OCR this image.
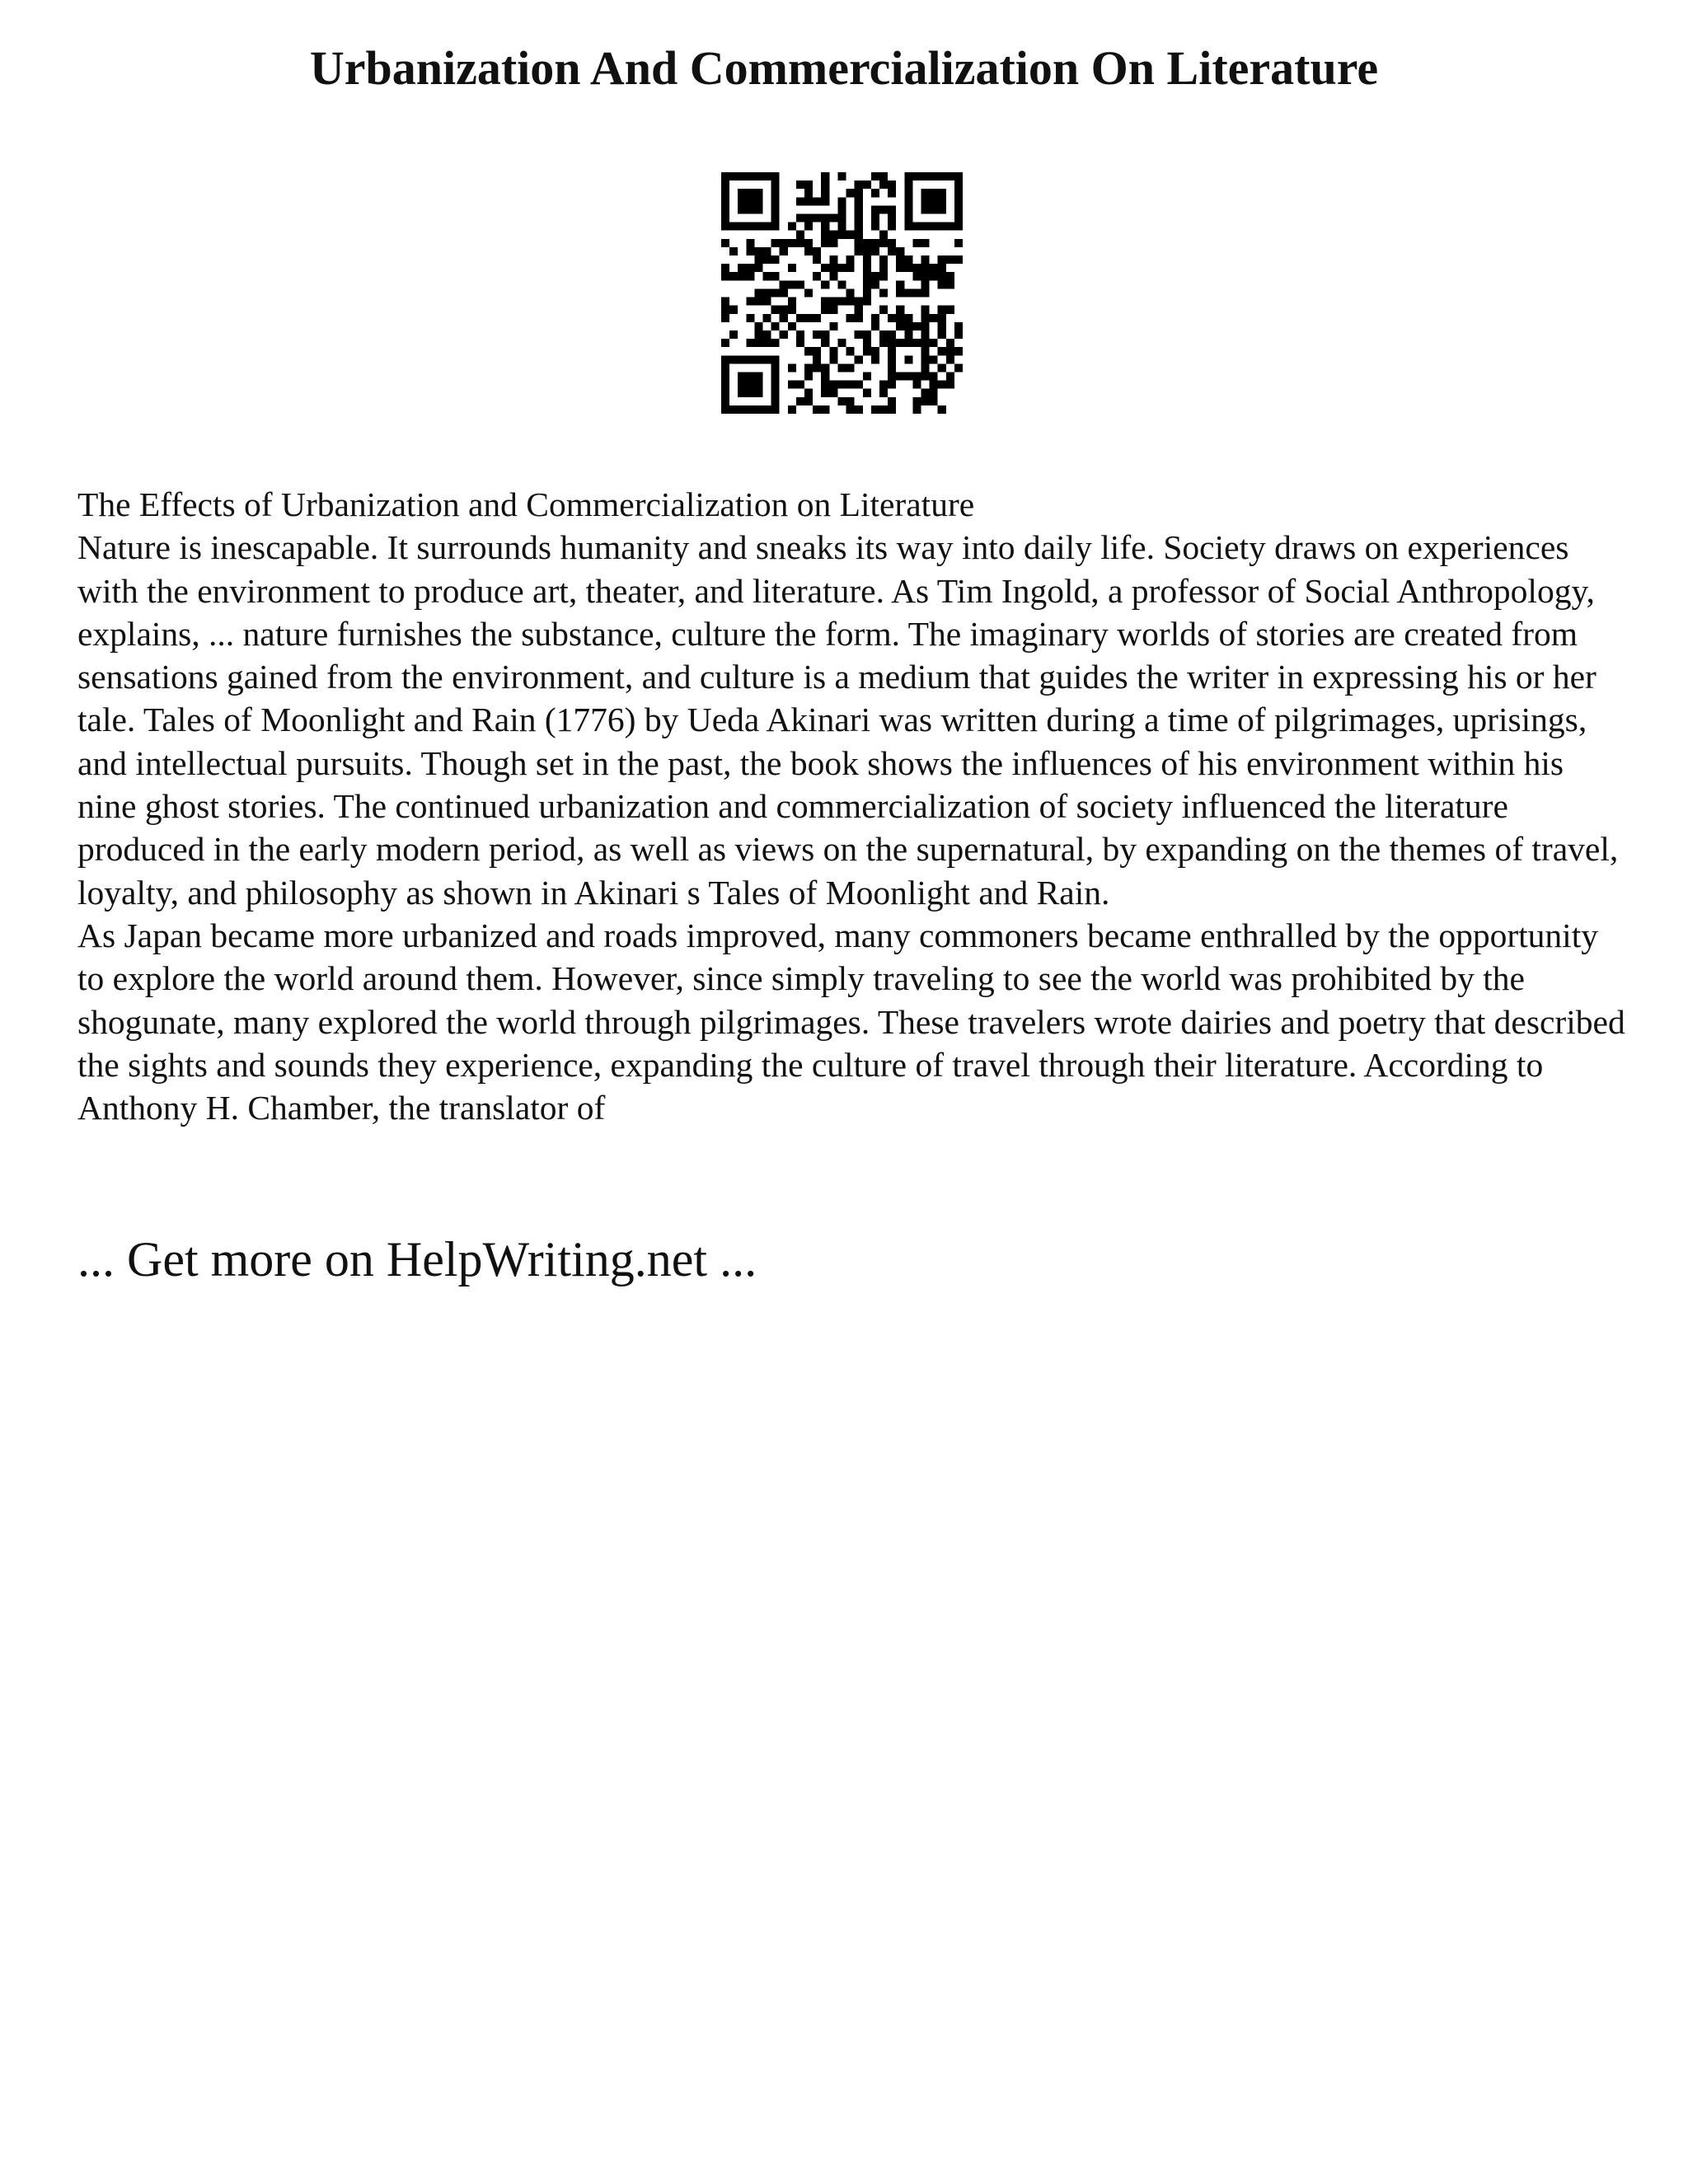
Urbanization And Commercialization On Literature

The Effects of Urbanization and Commercialization on Literature

Nature is inescapable. It surrounds humanity and sneaks its way into daily life. Society draws on experiences with the environment to produce art, theater, and literature. As Tim Ingold, a professor of Social Anthropology, explains, ... nature furnishes the substance, culture the form. The imaginary worlds of stories are created from sensations gained from the environment, and culture is a medium that guides the writer in expressing his or her tale. Tales of Moonlight and Rain (1776) by Ueda Akinari was written during a time of pilgrimages, uprisings, and intellectual pursuits. Though set in the past, the book shows the influences of his environment within his nine ghost stories. The continued urbanization and commercialization of society influenced the literature produced in the early modern period, as well as views on the supernatural, by expanding on the themes of travel, loyalty, and philosophy as shown in Akinari s Tales of Moonlight and Rain.

As Japan became more urbanized and roads improved, many commoners became enthralled by the opportunity to explore the world around them. However, since simply traveling to see the world was prohibited by the shogunate, many explored the world through pilgrimages. These travelers wrote dairies and poetry that described the sights and sounds they experience, expanding the culture of travel through their literature. According to Anthony H. Chamber, the translator of

... Get more on HelpWriting.net ...
